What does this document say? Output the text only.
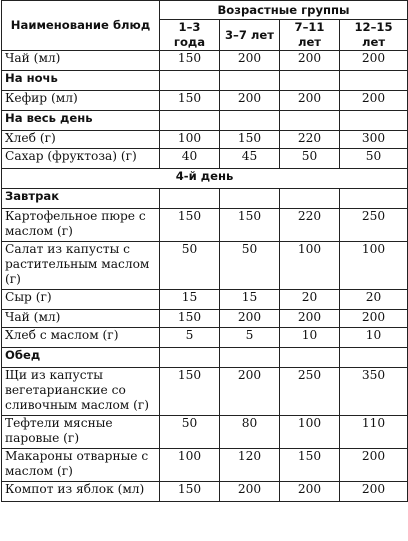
Наименование блюд	Возрастные группы			
	1–3 года	3–7 лет	7–11 лет	12–15 лет
Чай (мл)	150	200	200	200
На ночь				
Кефир (мл)	150	200	200	200
На весь день				
Хлеб (г)	100	150	220	300
Сахар (фруктоза) (г)	40	45	50	50
4-й день				
Завтрак				
Картофельное пюре с маслом (г)	150	150	220	250
Салат из капусты с растительным маслом (г)	50	50	100	100
Сыр (г)	15	15	20	20
Чай (мл)	150	200	200	200
Хлеб с маслом (г)	5	5	10	10
Обед				
Щи из капусты вегетарианские со сливочным маслом (г)	150	200	250	350
Тефтели мясные паровые (г)	50	80	100	110
Макароны отварные с маслом (г)	100	120	150	200
Компот из яблок (мл)	150	200	200	200
